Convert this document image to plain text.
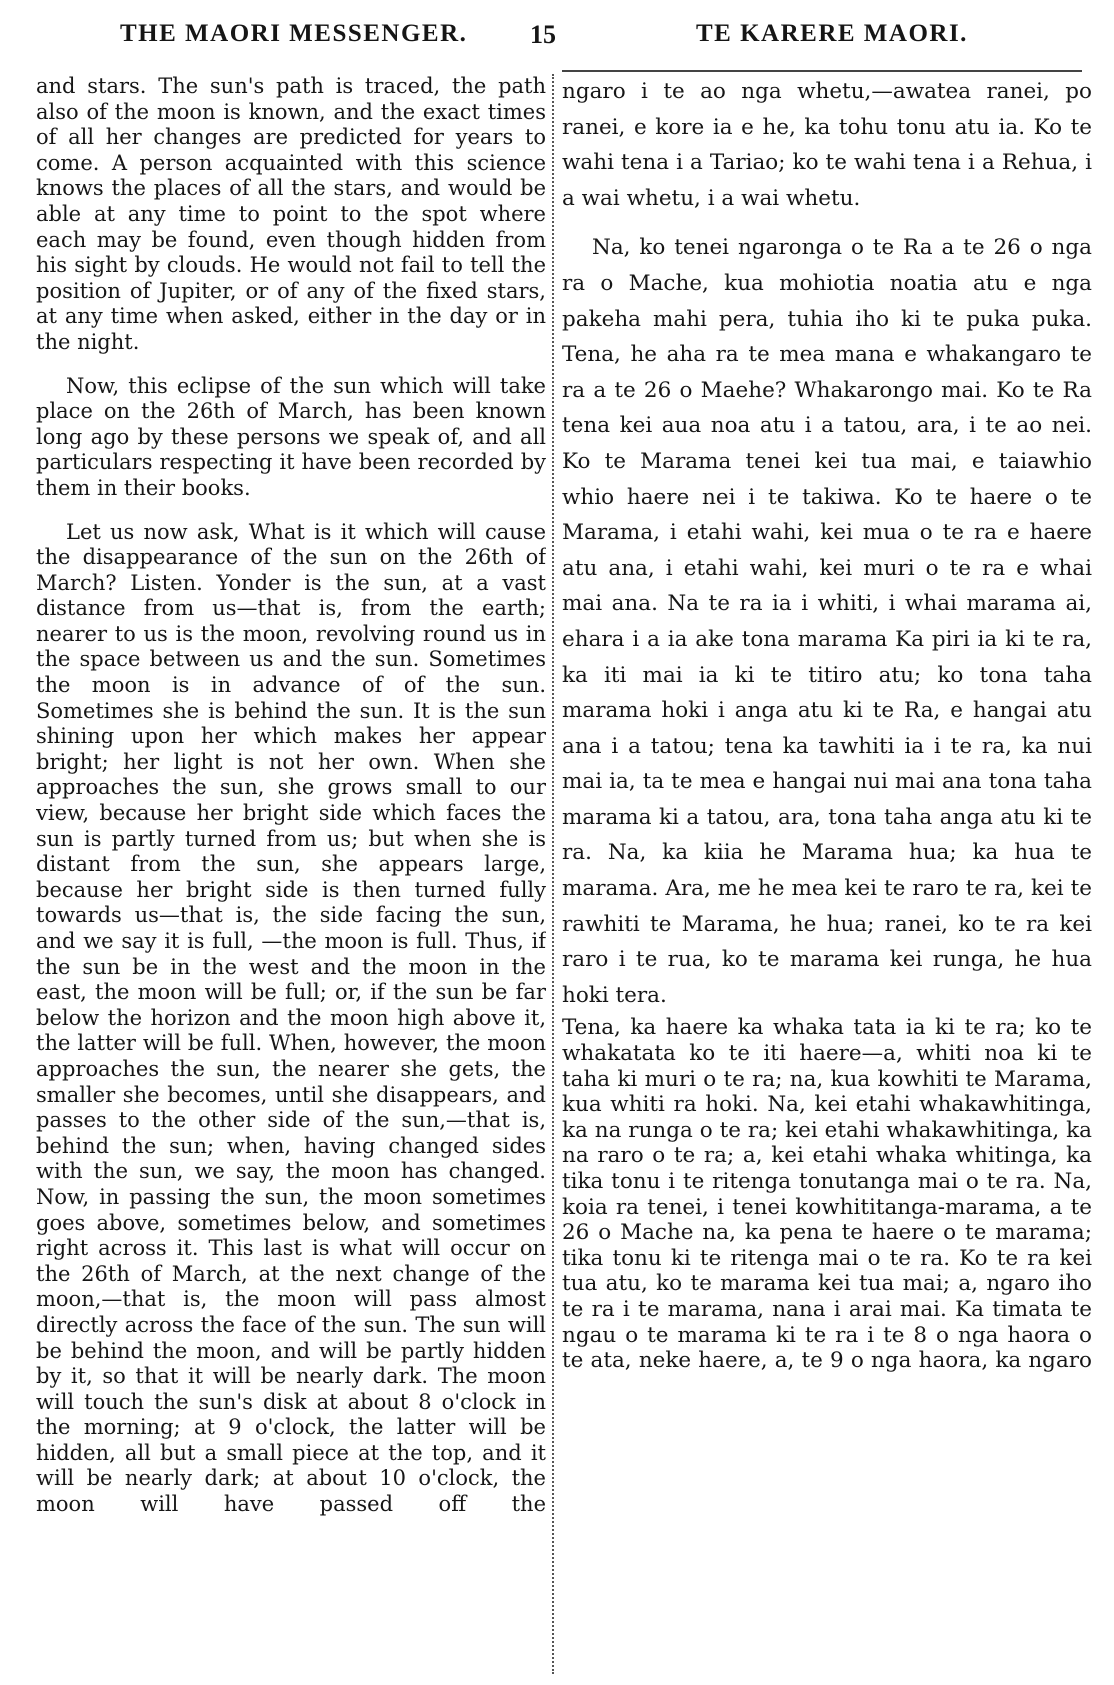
THE MAORI MESSENGER. 15	TE KARERE MAORI.

and stars. The sun's path is traced, the path also of the moon is known, and the exact times of all her changes are predicted for years to come. A person acquainted with this science knows the places of all the stars, and would be able at any time to point to the spot where each may be found, even though hidden from his sight by clouds. He would not fail to tell the position of Jupiter, or of any of the fixed stars, at any time when asked, either in the day or in the night.

Now, this eclipse of the sun which will take place on the 26th of March, has been known long ago by these persons we speak of, and all particulars respecting it have been recorded by them in their books.

Let us now ask, What is it which will cause the disappearance of the sun on the 26th of March? Listen. Yonder is the sun, at a vast distance from us—that is, from the earth; nearer to us is the moon, revolving round us in the space between us and the sun. Sometimes the moon is in advance of of the sun. Sometimes she is behind the sun. It is the sun shining upon her which makes her appear bright; her light is not her own. When she approaches the sun, she grows small to our view, because her bright side which faces the sun is partly turned from us; but when she is distant from the sun, she appears large, because her bright side is then turned fully towards us—that is, the side facing the sun, and we say it is full, —the moon is full. Thus, if the sun be in the west and the moon in the east, the moon will be full; or, if the sun be far below the horizon and the moon high above it, the latter will be full. When, however, the moon approaches the sun, the nearer she gets, the smaller she becomes, until she disappears, and passes to the other side of the sun,—that is, behind the sun; when, having changed sides with the sun, we say, the moon has changed. Now, in passing the sun, the moon sometimes goes above, sometimes below, and sometimes right across it. This last is what will occur on the 26th of March, at the next change of the moon,—that is, the moon will pass almost directly across the face of the sun. The sun will be behind the moon, and will be partly hidden by it, so that it will be nearly dark. The moon will touch the sun's disk at about 8 o'clock in the morning; at 9 o'clock, the latter will be hidden, all but a small piece at the top, and it will be nearly dark; at about 10 o'clock, the moon will have passed off the

ngaro i te ao nga whetu,—awatea ranei, po ranei, e kore ia e he, ka tohu tonu atu ia. Ko te wahi tena i a Tariao; ko te wahi tena i a Rehua, i a wai whetu, i a wai whetu.

Na, ko tenei ngaronga o te Ra a te 26 o nga ra o Mache, kua mohiotia noatia atu e nga pakeha mahi pera, tuhia iho ki te puka puka. Tena, he aha ra te mea mana e whakangaro te ra a te 26 o Maehe? Whakarongo mai. Ko te Ra tena kei aua noa atu i a tatou, ara, i te ao nei. Ko te Marama tenei kei tua mai, e taiawhio whio haere nei i te takiwa. Ko te haere o te Marama, i etahi wahi, kei mua o te ra e haere atu ana, i etahi wahi, kei muri o te ra e whai mai ana. Na te ra ia i whiti, i whai marama ai, ehara i a ia ake tona marama Ka piri ia ki te ra, ka iti mai ia ki te titiro atu; ko tona taha marama hoki i anga atu ki te Ra, e hangai atu ana i a tatou; tena ka tawhiti ia i te ra, ka nui mai ia, ta te mea e hangai nui mai ana tona taha marama ki a tatou, ara, tona taha anga atu ki te ra. Na, ka kiia he Marama hua; ka hua te marama. Ara, me he mea kei te raro te ra, kei te rawhiti te Marama, he hua; ranei, ko te ra kei raro i te rua, ko te marama kei runga, he hua hoki tera.

Tena, ka haere ka whaka tata ia ki te ra; ko te whakatata ko te iti haere—a, whiti noa ki te taha ki muri o te ra; na, kua kowhiti te Marama, kua whiti ra hoki. Na, kei etahi whakawhitinga, ka na runga o te ra; kei etahi whakawhitinga, ka na raro o te ra; a, kei etahi whaka whitinga, ka tika tonu i te ritenga tonutanga mai o te ra. Na, koia ra tenei, i tenei kowhititanga-marama, a te 26 o Mache na, ka pena te haere o te marama; tika tonu ki te ritenga mai o te ra. Ko te ra kei tua atu, ko te marama kei tua mai; a, ngaro iho te ra i te marama, nana i arai mai. Ka timata te ngau o te marama ki te ra i te 8 o nga haora o te ata, neke haere, a, te 9 o nga haora, ka ngaro
